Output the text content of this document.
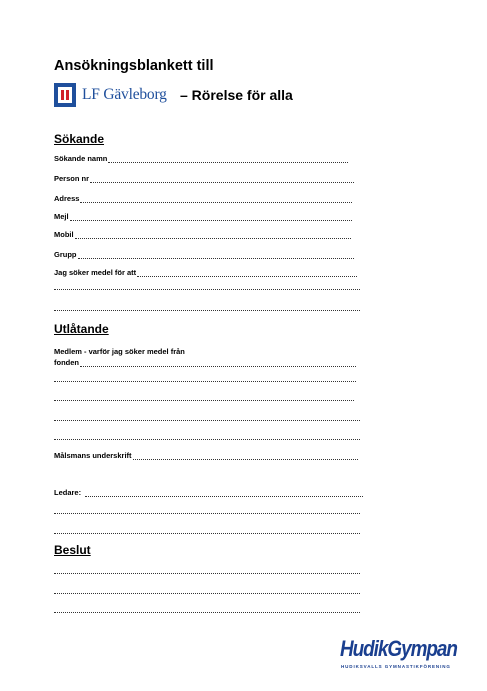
Ansökningsblankett till
LF Gävleborg – Rörelse för alla
Sökande
Sökande namn
Person nr
Adress
Mejl
Mobil
Grupp
Jag söker medel för att
Utlåtande
Medlem - varför jag söker medel från
fonden
Målsmans underskrift
Ledare:
Beslut
HudikGympan
HUDIKSVALLS GYMNASTIKFÖRENING
